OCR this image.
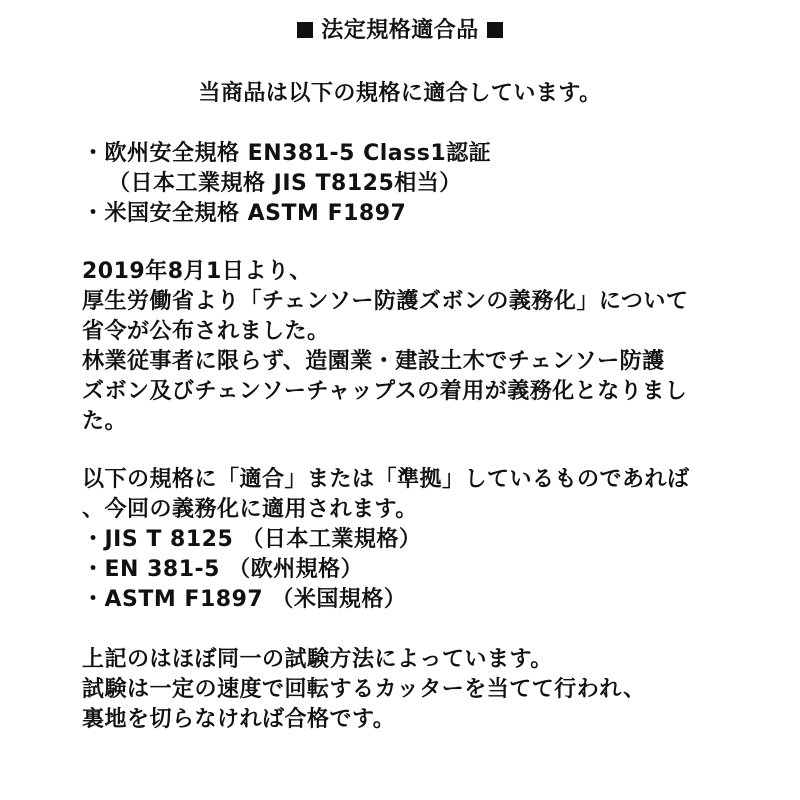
法定規格適合品
当商品は以下の規格に適合しています。
・欧州安全規格 EN381-5 Class1認証
（日本工業規格 JIS T8125相当）
・米国安全規格 ASTM F1897
2019年8月1日より、
厚生労働省より「チェンソー防護ズボンの義務化」について
省令が公布されました。
林業従事者に限らず、造園業・建設土木でチェンソー防護
ズボン及びチェンソーチャップスの着用が義務化となりまし
た。
以下の規格に「適合」または「準拠」しているものであれば
、今回の義務化に適用されます。
・JIS T 8125 （日本工業規格）
・EN 381-5 （欧州規格）
・ASTM F1897 （米国規格）
上記のはほぼ同一の試験方法によっています。
試験は一定の速度で回転するカッターを当てて行われ、
裏地を切らなければ合格です。
